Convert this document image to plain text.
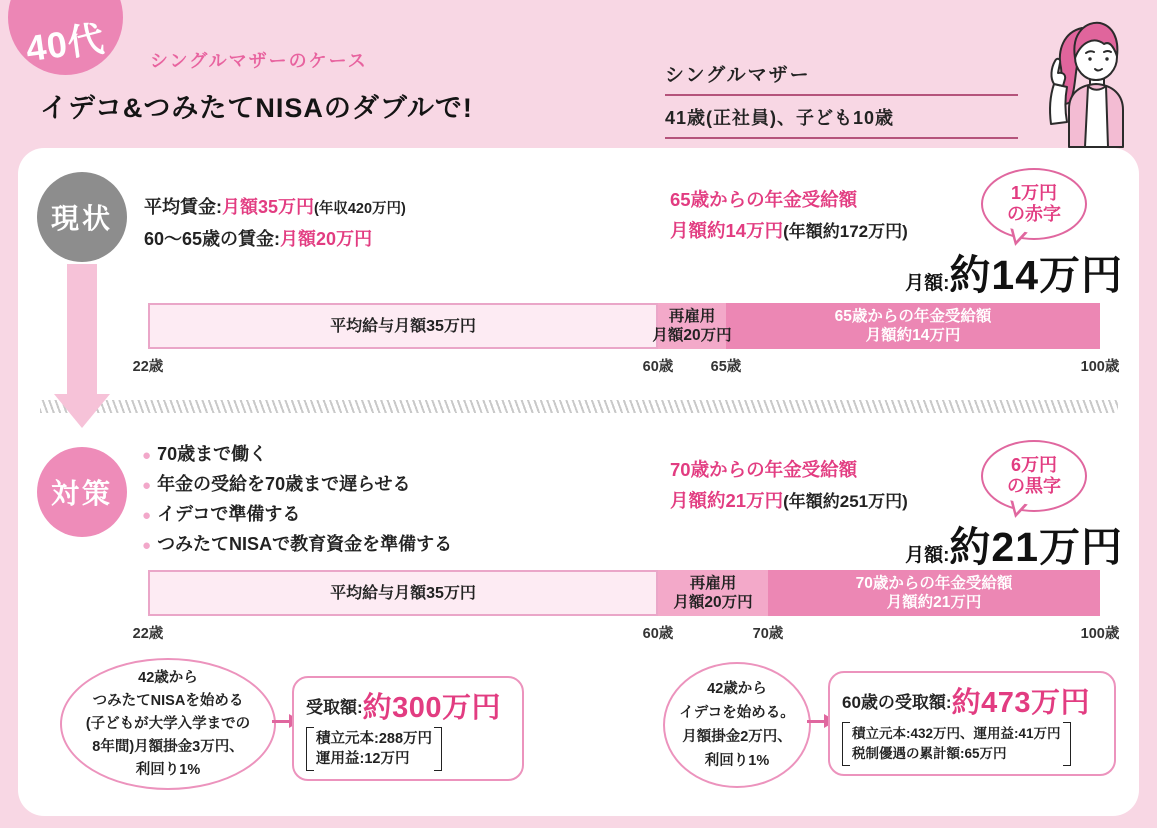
40代 シングルマザーのケース
イデコ&つみたてNISAのダブルで!
シングルマザー
41歳(正社員)、子ども10歳
現状 平均賃金:月額35万円(年収420万円)
60〜65歳の賃金:月額20万円
65歳からの年金受給額
月額約14万円(年額約172万円)
1万円
の赤字
月額:約14万円
平均給与月額35万円
再雇用
月額20万円
65歳からの年金受給額
月額約14万円
22歳	60歳	65歳	100歳
対策
● 70歳まで働く
● 年金の受給を70歳まで遅らせる
● イデコで準備する
● つみたてNISAで教育資金を準備する
70歳からの年金受給額
月額約21万円(年額約251万円)
6万円
の黒字
月額:約21万円
平均給与月額35万円
再雇用
月額20万円
70歳からの年金受給額
月額約21万円
22歳	60歳	70歳	100歳
42歳から
つみたてNISAを始める
(子どもが大学入学までの
8年間)月額掛金3万円、
利回り1%
受取額: 約300万円
積立元本:288万円
運用益:12万円
42歳から
イデコを始める。
月額掛金2万円、
利回り1%
60歳の受取額: 約473万円
積立元本:432万円、運用益:41万円
税制優遇の累計額:65万円
